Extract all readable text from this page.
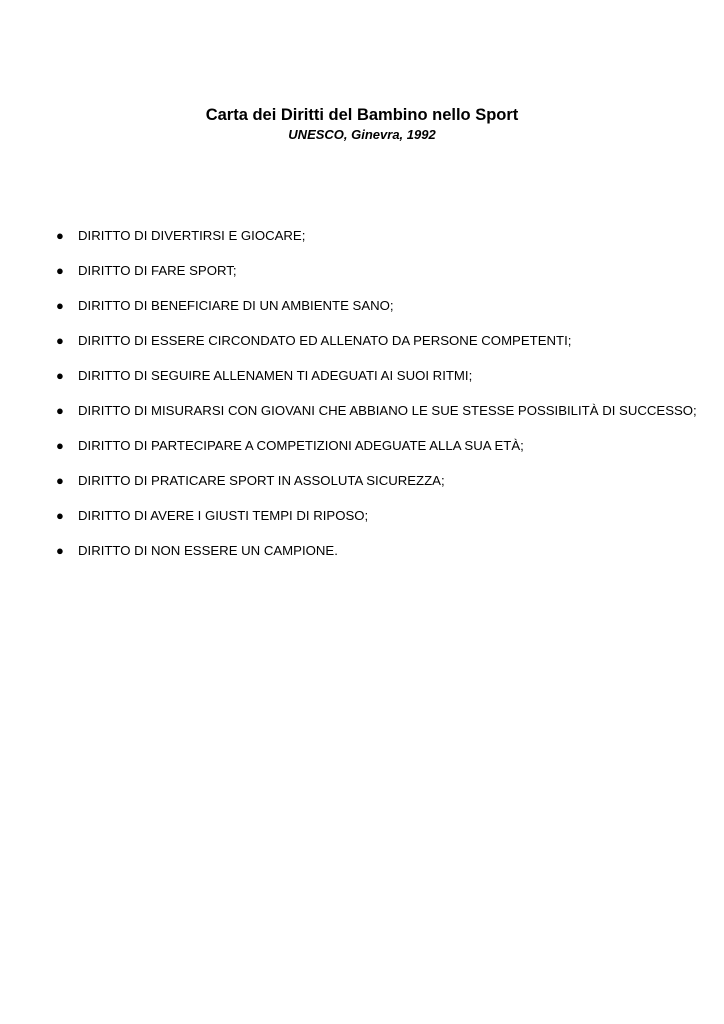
Carta dei Diritti del Bambino nello Sport
UNESCO, Ginevra, 1992
● DIRITTO DI DIVERTIRSI E GIOCARE;
● DIRITTO DI FARE SPORT;
● DIRITTO DI BENEFICIARE DI UN AMBIENTE SANO;
● DIRITTO DI ESSERE CIRCONDATO ED ALLENATO DA PERSONE COMPETENTI;
● DIRITTO DI SEGUIRE ALLENAMEN TI ADEGUATI AI SUOI RITMI;
● DIRITTO DI MISURARSI CON GIOVANI CHE ABBIANO LE SUE STESSE POSSIBILITÀ DI SUCCESSO;
● DIRITTO DI PARTECIPARE A COMPETIZIONI ADEGUATE ALLA SUA ETÀ;
● DIRITTO DI PRATICARE SPORT IN ASSOLUTA SICUREZZA;
● DIRITTO DI AVERE I GIUSTI TEMPI DI RIPOSO;
● DIRITTO DI NON ESSERE UN CAMPIONE.
